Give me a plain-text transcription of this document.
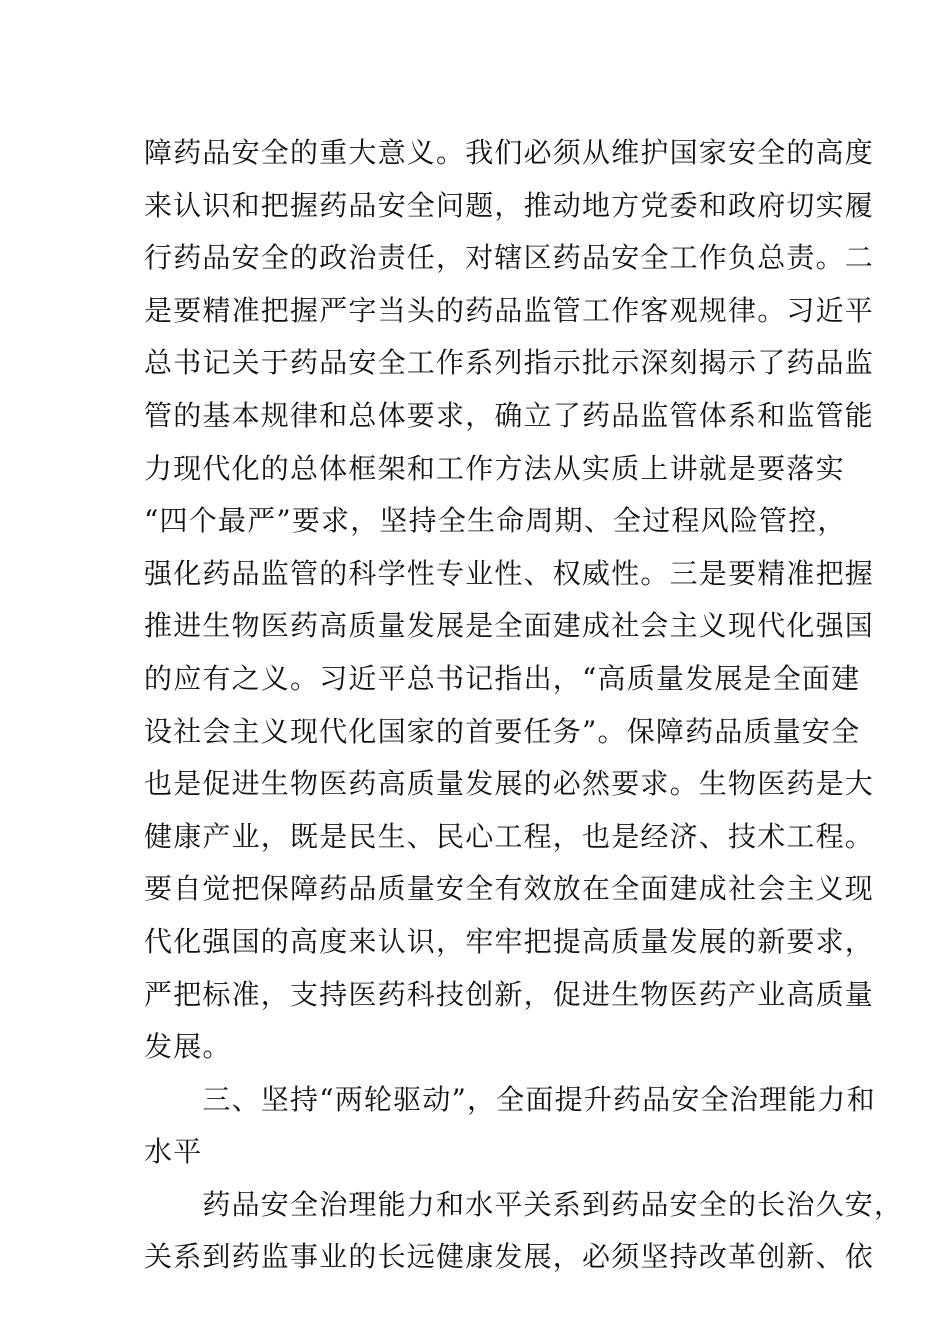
障药品安全的重大意义。我们必须从维护国家安全的高度
来认识和把握药品安全问题，推动地方党委和政府切实履
行药品安全的政治责任，对辖区药品安全工作负总责。二
是要精准把握严字当头的药品监管工作客观规律。习近平
总书记关于药品安全工作系列指示批示深刻揭示了药品监
管的基本规律和总体要求，确立了药品监管体系和监管能
力现代化的总体框架和工作方法从实质上讲就是要落实
“四个最严”要求，坚持全生命周期、全过程风险管控，
强化药品监管的科学性专业性、权威性。三是要精准把握
推进生物医药高质量发展是全面建成社会主义现代化强国
的应有之义。习近平总书记指出，“高质量发展是全面建
设社会主义现代化国家的首要任务”。保障药品质量安全
也是促进生物医药高质量发展的必然要求。生物医药是大
健康产业，既是民生、民心工程，也是经济、技术工程。
要自觉把保障药品质量安全有效放在全面建成社会主义现
代化强国的高度来认识，牢牢把提高质量发展的新要求，
严把标准，支持医药科技创新，促进生物医药产业高质量
发展。
　　三、坚持“两轮驱动”，全面提升药品安全治理能力和
水平
　　药品安全治理能力和水平关系到药品安全的长治久安，
关系到药监事业的长远健康发展，必须坚持改革创新、依
